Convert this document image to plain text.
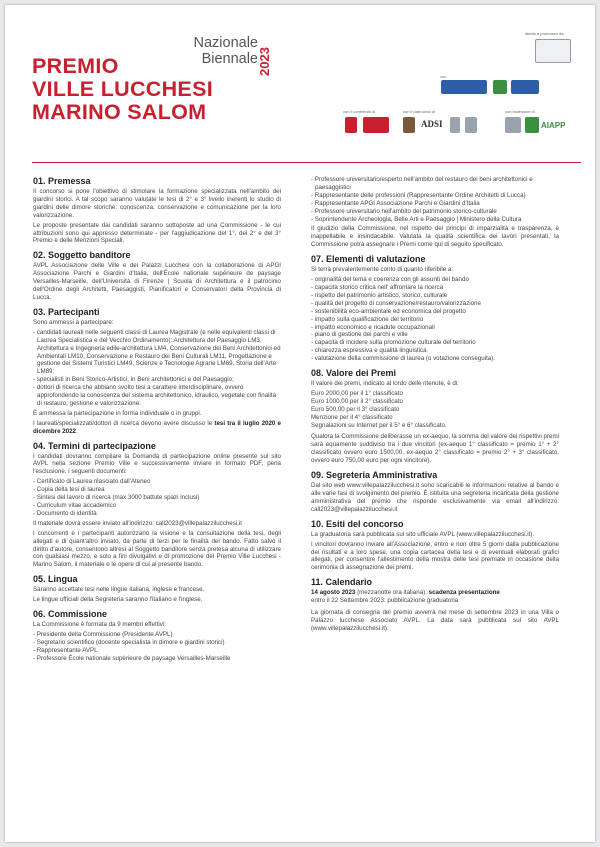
Nazionale
Biennale 2023
PREMIO
VILLE LUCCHESI
MARINO SALOM
ideato e promosso da
con
con il contributo di	con il patrocinio di
ADSI
con l'adesione di
AIAPP
01. Premessa

Il concorso si pone l'obiettivo di stimolare la formazione specializzata nell'ambito dei giardini storici. A tal scopo saranno valutate le tesi di 2° e 3° livello inerenti lo studio di giardini delle dimore storiche: conoscenza, conservazione e comunicazione per la loro valorizzazione.

Le proposte presentate dai candidati saranno sottoposte ad una Commissione - le cui attribuzioni sono qui appresso determinate - per l'aggiudicazione del 1°, del 2° e del 3° Premio e delle Menzioni Speciali.

02. Soggetto banditore

AVPL Associazione delle Ville e dei Palazzi Lucchesi con la collaborazione di APGI Associazione Parchi e Giardini d'Italia, dell'École nationale supérieure de paysage Versailles-Marseille, dell'Università di Firenze | Scuola di Architettura e il patrocinio dell'Ordine degli Architetti, Paesaggisti, Pianificatori e Conservatori della Provincia di Lucca.

03. Partecipanti

Sono ammessi a partecipare:

- candidati laureati nelle seguenti classi di Laurea Magistrale (e nelle equivalenti classi di Laurea Specialistica e del Vecchio Ordinamento): Architettura del Paesaggio LM3, Architettura e Ingegneria edile-architettura LM4, Conservazione dei Beni Architettonici ed Ambientali LM10, Conservazione e Restauro dei Beni Culturali LM11, Progettazione e gestione dei Sistemi Turistici LM49, Scienze e Tecnologie Agrarie LM69, Storia dell'Arte LM89;
- specialisti in Beni Storico-Artistici, in Beni architettonici e del Paesaggio;
- dottori di ricerca che abbiano svolto tesi a carattere interdisciplinare, ovvero approfondendo la conoscenza del sistema architettonico, idraulico, vegetale con finalità di restauro, gestione e valorizzazione.

È ammessa la partecipazione in forma individuale o in gruppi.

I laureati/specializzati/dottori di ricerca devono avere discusso le tesi tra il luglio 2020 e dicembre 2022.

04. Termini di partecipazione

I candidati dovranno compilare la Domanda di partecipazione online presente sul sito AVPL nella sezione Premio Ville e successivamente inviare in formato PDF, pena l'esclusione, i seguenti documenti:

- Certificato di Laurea rilasciato dall'Ateneo
- Copia della tesi di laurea
- Sintesi del lavoro di ricerca (max 3000 battute spazi inclusi)
- Curriculum vitae accademico
- Documento di identità

Il materiale dovrà essere inviato all'indirizzo: call2023@villepalazzilucchesi.it

I concorrenti e i partecipanti autorizzano la visione e la consultazione della tesi, degli allegati e di quant'altro inviato, da parte di terzi per le finalità del bando. Fatto salvo il diritto d'autore, consentono altresì al Soggetto banditore senza pretesa alcuna di utilizzare con qualsiasi mezzo, e solo a fini divulgativi e di promozione del Premio Ville Lucchesi - Marino Salom, il materiale e le opere di cui al presente bando.

05. Lingua

Saranno accettate tesi nelle lingue italiana, inglese e francese.

Le lingue ufficiali della Segreteria saranno l'italiano e l'inglese.

06. Commissione

La Commissione è formata da 9 membri effettivi:

- Presidente della Commissione (Presidente AVPL)
- Segretario scientifico (docente specialista in dimore e giardini storici)
- Rappresentante AVPL
- Professore École nationale supérieure de paysage Versailles-Marseille
- Professore universitario/esperto nell'ambito del restauro dei beni architettonici e paesaggistici
- Rappresentante delle professioni (Rappresentante Ordine Architetti di Lucca)
- Rappresentante APGI Associazione Parchi e Giardini d'Italia
- Professore universitario nell'ambito del patrimonio storico-culturale
- Soprintendente Archeologia, Belle Arti e Paesaggio | Ministero della Cultura

Il giudizio della Commissione, nel rispetto dei principi di imparzialità e trasparenza, è inappellabile e insindacabile. Valutata la qualità scientifica dei lavori presentati, la Commissione potrà assegnare i Premi come qui di seguito specificato.

07. Elementi di valutazione

Si terrà prevalentemente conto di quanto riferibile a:

- originalità del tema e coerenza con gli assunti del bando
- capacità storico critica nell' affrontare la ricerca
- rispetto del patrimonio artistico, storico, culturale
- qualità del progetto di conservazione/restauro/valorizzazione
- sostenibilità eco-ambientale ed economica del progetto
- impatto sulla qualificazione del territorio
- impatto economico e ricadute occupazionali
- piano di gestione dei parchi e ville
- capacità di incidere sulla promozione culturale del territorio
- chiarezza espressiva e qualità linguistica
- valutazione della commissione di laurea (o votazione conseguita).
08. Valore dei Premi

Il valore dei premi, indicato al lordo delle ritenute, è di:

Euro 2000,00 per il 1° classificato
Euro 1000,00 per il 2° classificato
Euro 500,00 per il 3° classificato
Menzione per il 4° classificato
Segnalazioni su Internet per il 5° e 6° classificato.

Qualora la Commissione deliberasse un ex-aequo, la somma del valore dei rispettivi premi sarà equamente suddiviso tra i due vincitori (ex-aequo 1° classificato = premio 1° + 2° classificato ovvero euro 1500,00, ex-aequo 2° classificato = premio 2° + 3° classificato, ovvero euro 750,00 euro per ogni vincitore).

09. Segreteria Amministrativa

Dal sito web www.villepalazzilucchesi.it sono scaricabili le informazioni relative al bando e alle varie fasi di svolgimento del premio. È istituita una segreteria incaricata della gestione amministrativa del premio che risponde esclusivamente via email all'indirizzo: call2023@villepalazzilucchesi.it

10. Esiti del concorso

La graduatoria sarà pubblicata sul sito ufficiale AVPL (www.villepalazzilucchesi.it).

I vincitori dovranno inviare all'Associazione, entro e non oltre 5 giorni dalla pubblicazione dei risultati e a loro spese, una copia cartacea della tesi e di eventuali elaborati grafici allegati, per consentire l'allestimento della mostra delle tesi premiate in occasione della cerimonia di assegnazione dei premi.

11. Calendario
14 agosto 2023 (mezzanotte ora italiana): scadenza presentazione
entro il 22 Settembre 2023: pubblicazione graduatoria

La giornata di consegna del premio avverrà nel mese di settembre 2023 in una Villa o Palazzo lucchese Associato AVPL. La data sarà pubblicata sul sito AVPL (www.villepalazzilucchesi.it).
